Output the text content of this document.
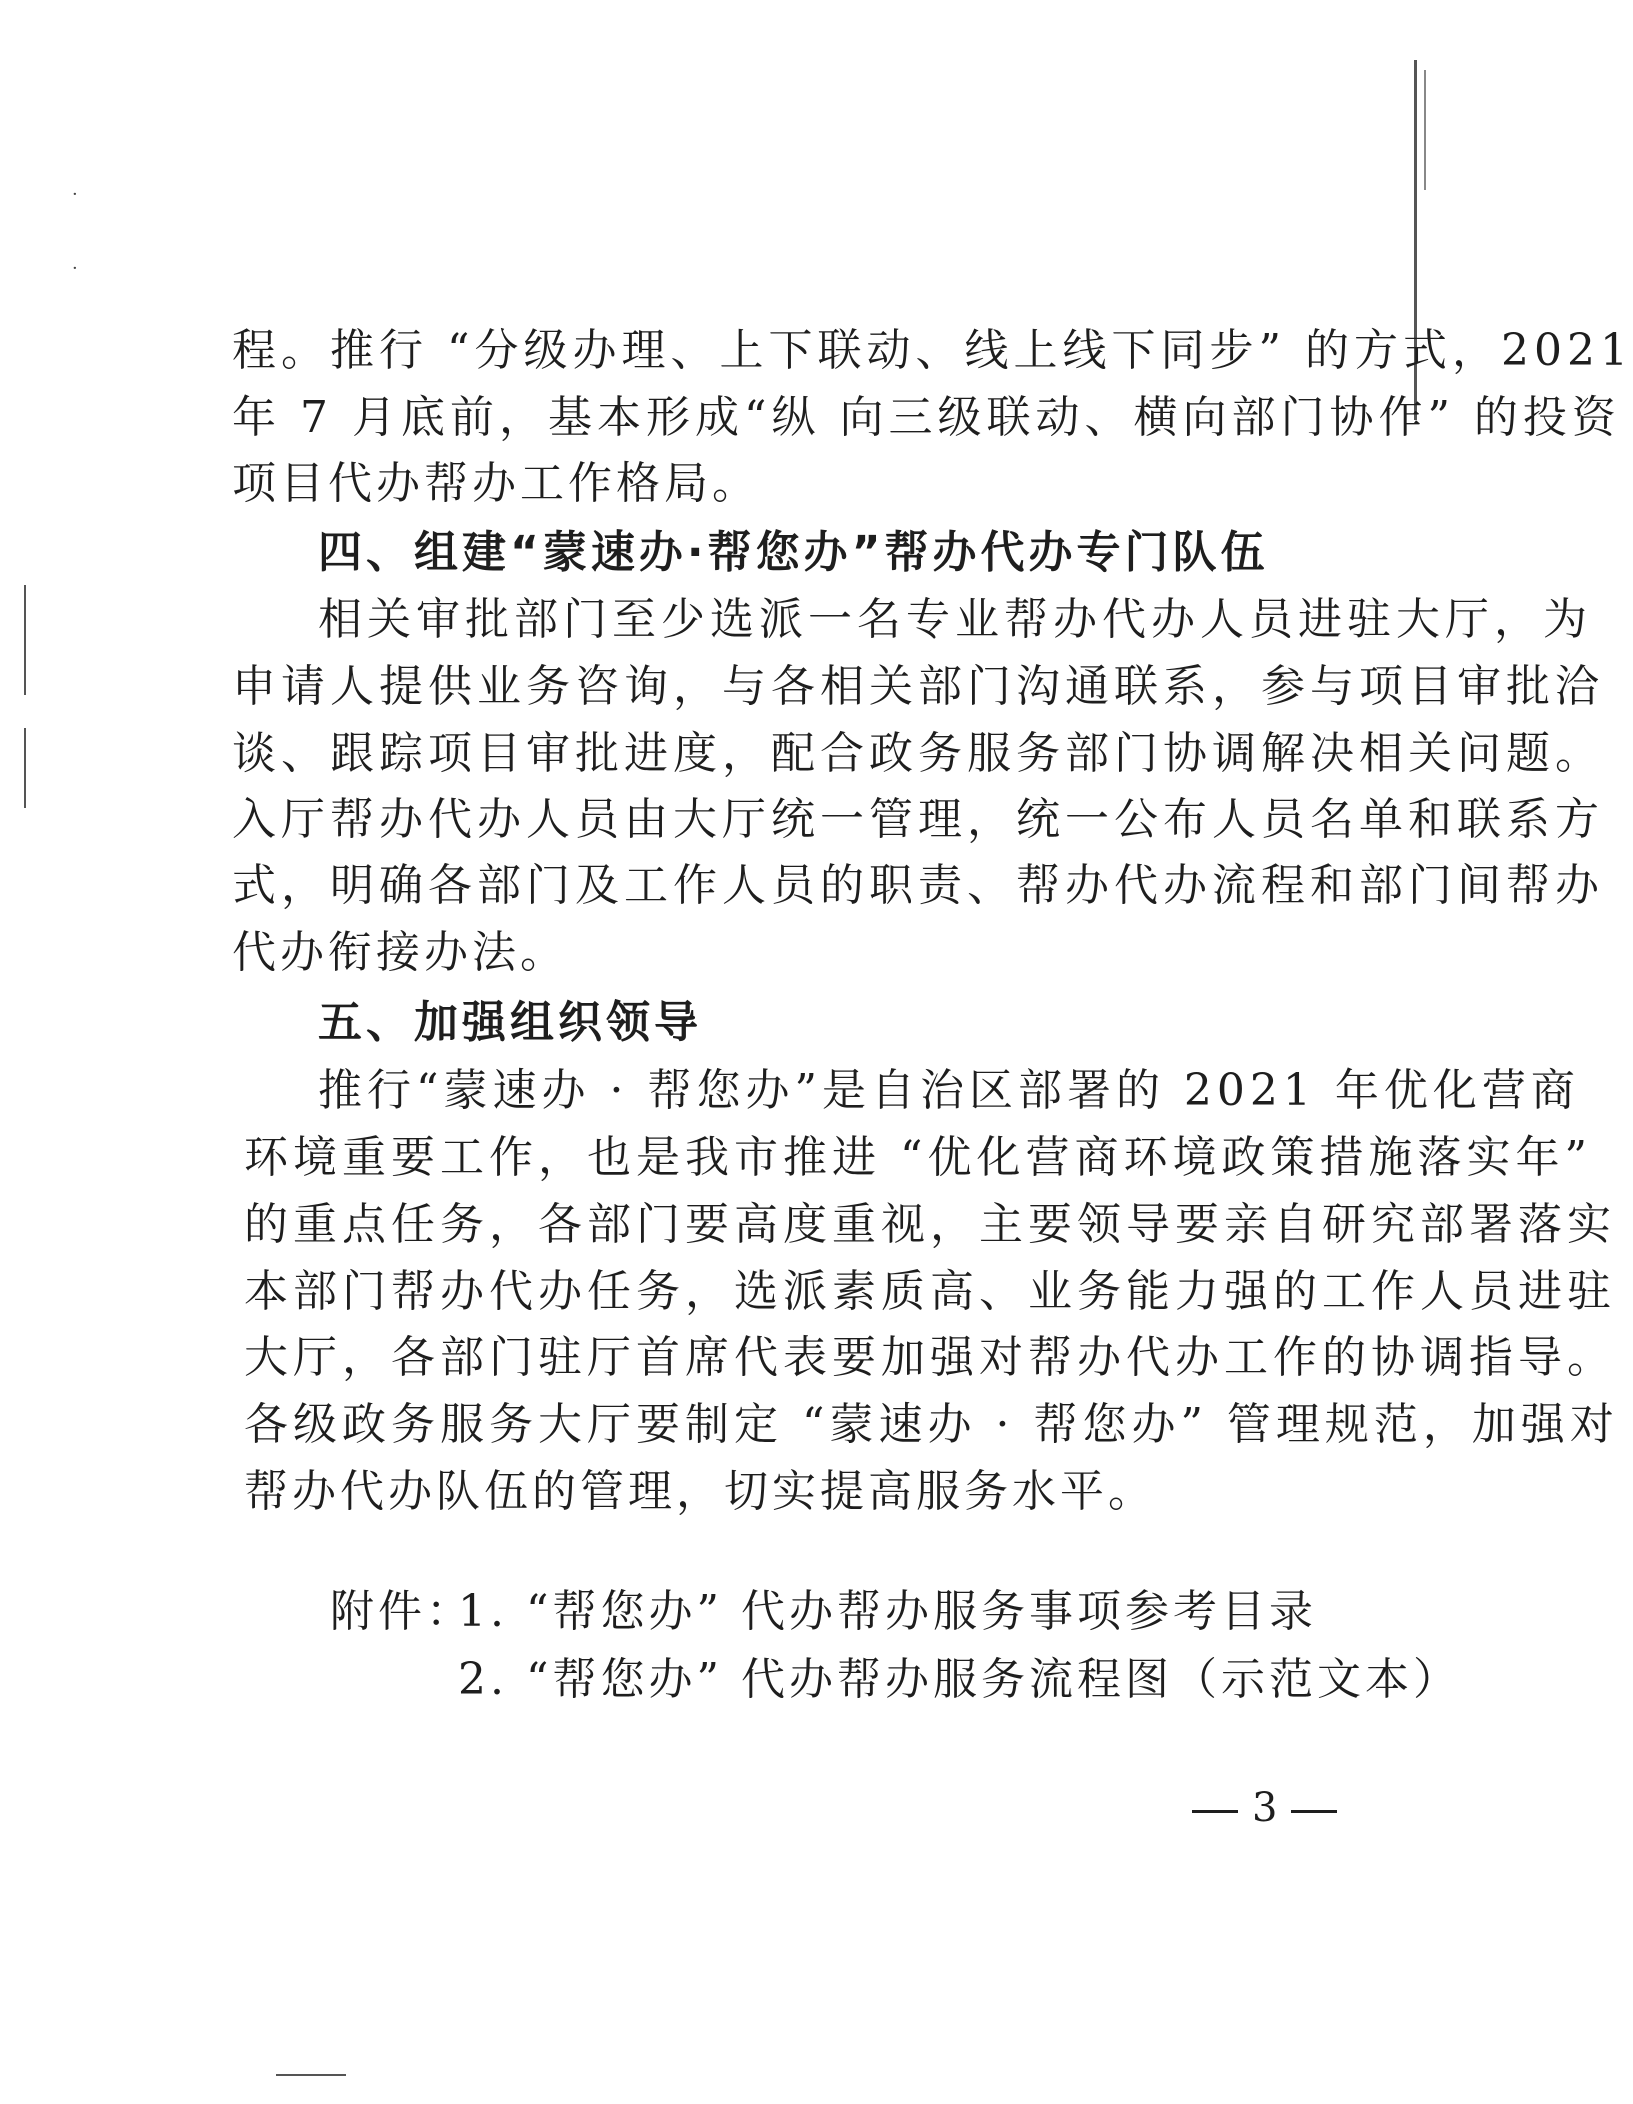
·
·
程。推行 “分级办理、上下联动、线上线下同步” 的方式，2021
年 7 月底前，基本形成“纵 向三级联动、横向部门协作” 的投资
项目代办帮办工作格局。
四、组建“蒙速办·帮您办”帮办代办专门队伍
相关审批部门至少选派一名专业帮办代办人员进驻大厅，为
申请人提供业务咨询，与各相关部门沟通联系，参与项目审批洽
谈、跟踪项目审批进度，配合政务服务部门协调解决相关问题。
入厅帮办代办人员由大厅统一管理，统一公布人员名单和联系方
式，明确各部门及工作人员的职责、帮办代办流程和部门间帮办
代办衔接办法。
五、加强组织领导
推行“蒙速办 · 帮您办”是自治区部署的 2021 年优化营商
环境重要工作，也是我市推进 “优化营商环境政策措施落实年”
的重点任务，各部门要高度重视，主要领导要亲自研究部署落实
本部门帮办代办任务，选派素质高、业务能力强的工作人员进驻
大厅，各部门驻厅首席代表要加强对帮办代办工作的协调指导。
各级政务服务大厅要制定 “蒙速办 · 帮您办” 管理规范，加强对
帮办代办队伍的管理，切实提高服务水平。
附件：
1. “帮您办” 代办帮办服务事项参考目录
2. “帮您办” 代办帮办服务流程图（示范文本）
3
